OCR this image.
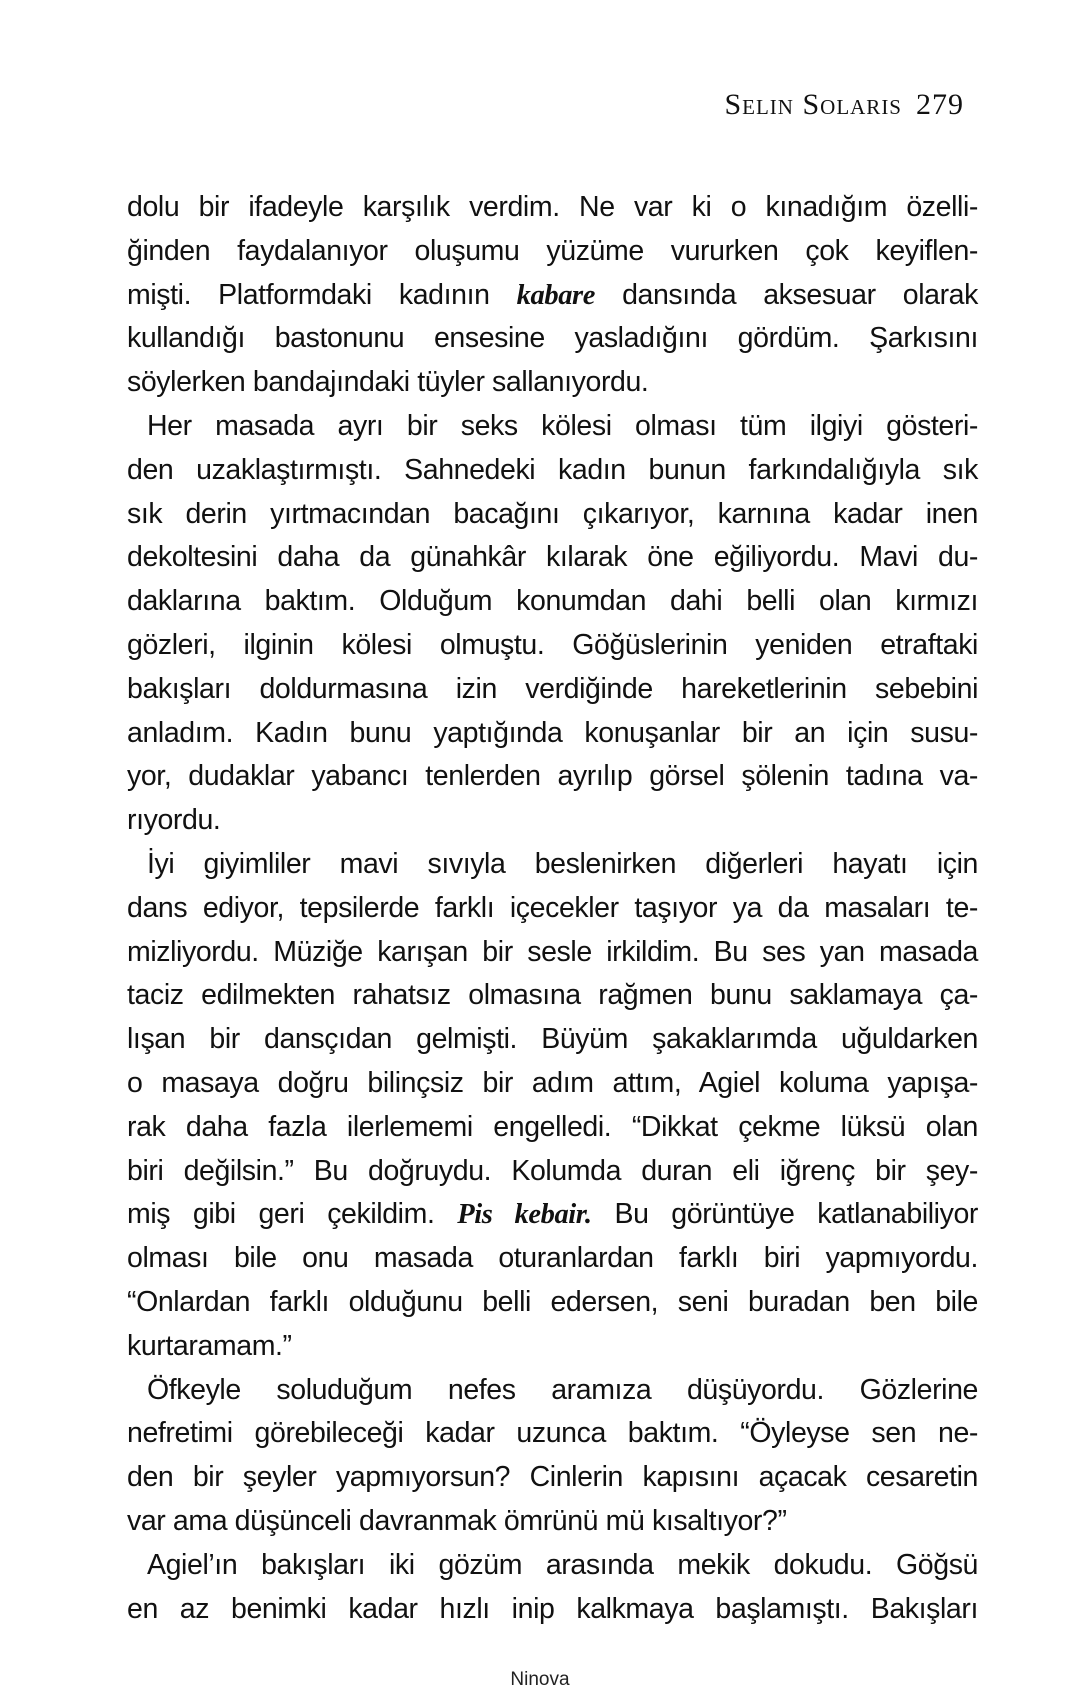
Selin Solaris 279
dolu bir ifadeyle karşılık verdim. Ne var ki o kınadığım özelli-
ğinden faydalanıyor oluşumu yüzüme vururken çok keyiflen-
mişti. Platformdaki kadının kabare dansında aksesuar olarak
kullandığı bastonunu ensesine yasladığını gördüm. Şarkısını
söylerken bandajındaki tüyler sallanıyordu.
Her masada ayrı bir seks kölesi olması tüm ilgiyi gösteri-
den uzaklaştırmıştı. Sahnedeki kadın bunun farkındalığıyla sık
sık derin yırtmacından bacağını çıkarıyor, karnına kadar inen
dekoltesini daha da günahkâr kılarak öne eğiliyordu. Mavi du-
daklarına baktım. Olduğum konumdan dahi belli olan kırmızı
gözleri, ilginin kölesi olmuştu. Göğüslerinin yeniden etraftaki
bakışları doldurmasına izin verdiğinde hareketlerinin sebebini
anladım. Kadın bunu yaptığında konuşanlar bir an için susu-
yor, dudaklar yabancı tenlerden ayrılıp görsel şölenin tadına va-
rıyordu.
İyi giyimliler mavi sıvıyla beslenirken diğerleri hayatı için
dans ediyor, tepsilerde farklı içecekler taşıyor ya da masaları te-
mizliyordu. Müziğe karışan bir sesle irkildim. Bu ses yan masada
taciz edilmekten rahatsız olmasına rağmen bunu saklamaya ça-
lışan bir dansçıdan gelmişti. Büyüm şakaklarımda uğuldarken
o masaya doğru bilinçsiz bir adım attım, Agiel koluma yapışa-
rak daha fazla ilerlememi engelledi. “Dikkat çekme lüksü olan
biri değilsin.” Bu doğruydu. Kolumda duran eli iğrenç bir şey-
miş gibi geri çekildim. Pis kebair. Bu görüntüye katlanabiliyor
olması bile onu masada oturanlardan farklı biri yapmıyordu.
“Onlardan farklı olduğunu belli edersen, seni buradan ben bile
kurtaramam.”
Öfkeyle soluduğum nefes aramıza düşüyordu. Gözlerine
nefretimi görebileceği kadar uzunca baktım. “Öyleyse sen ne-
den bir şeyler yapmıyorsun? Cinlerin kapısını açacak cesaretin
var ama düşünceli davranmak ömrünü mü kısaltıyor?”
Agiel’ın bakışları iki gözüm arasında mekik dokudu. Göğsü
en az benimki kadar hızlı inip kalkmaya başlamıştı. Bakışları
Ninova
